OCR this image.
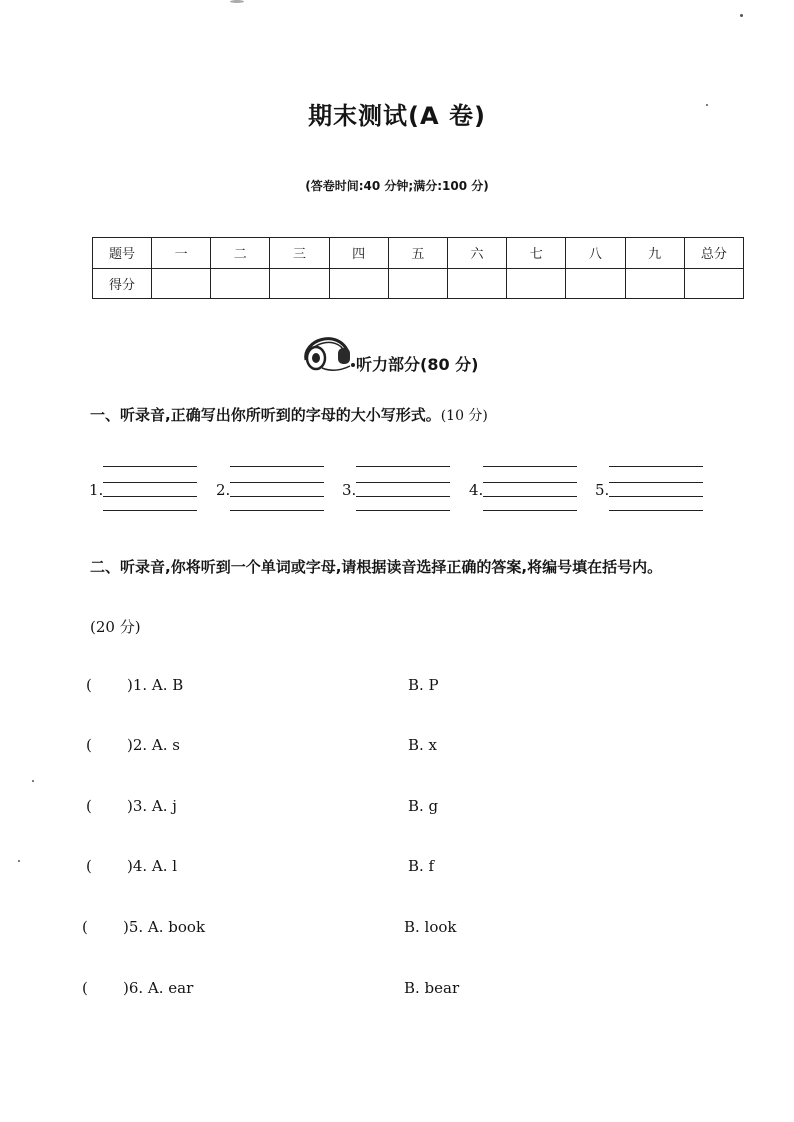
期末测试(A 卷)
(答卷时间:40 分钟;满分:100 分)
题号	一	二	三	四	五	六	七	八	九	总分
得分										
听力部分(80 分)
一、听录音,正确写出你所听到的字母的大小写形式。(10 分)
1.	2.	3.	4.	5.
二、听录音,你将听到一个单词或字母,请根据读音选择正确的答案,将编号填在括号内。
(20 分)
( )1. A. B	B. P
( )2. A. s	B. x
( )3. A. j	B. g
( )4. A. l	B. f
( )5. A. book	B. look
( )6. A. ear	B. bear
